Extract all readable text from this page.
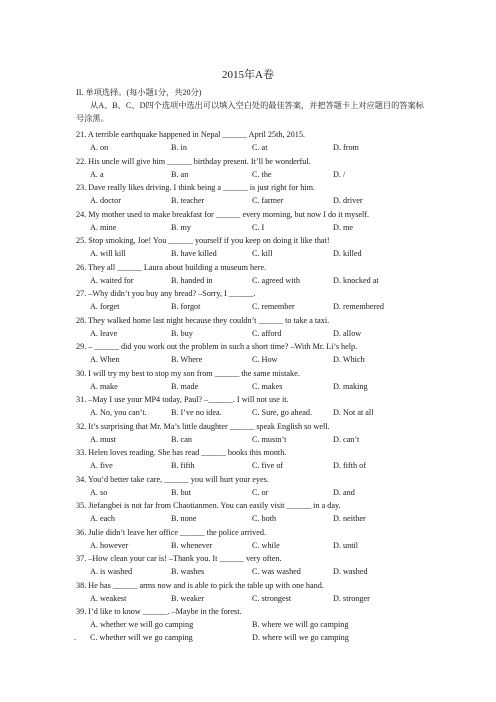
2015年A卷
II. 单项选择。(每小题1分，共20分)
从A、B、C、D四个选项中选出可以填入空白处的最佳答案，并把答题卡上对应题目的答案标号涂黑。
21. A terrible earthquake happened in Nepal ______ April 25th, 2015.
A. on	B. in	C. at	D. from
22. His uncle will give him ______ birthday present. It’ll be wonderful.
A. a	B. an	C. the	D. /
23. Dave really likes driving. I think being a ______ is just right for him.
A. doctor	B. teacher	C. farmer	D. driver
24. My mother used to make breakfast for ______ every morning, but now I do it myself.
A. mine	B. my	C. I	D. me
25. Stop smoking, Joe! You ______ yourself if you keep on doing it like that!
A. will kill	B. have killed	C. kill	D. killed
26. They all ______ Laura about building a museum here.
A. waited for	B. handed in	C. agreed with	D. knocked at
27. –Why didn’t you buy any bread? –Sorry, I ______.
A. forget	B. forgot	C. remember	D. remembered
28. They walked home last night because they couldn’t ______ to take a taxi.
A. leave	B. buy	C. afford	D. allow
29. – ______ did you work out the problem in such a short time? –With Mr. Li’s help.
A. When	B. Where	C. How	D. Which
30. I will try my best to stop my son from ______ the same mistake.
A. make	B. made	C. makes	D. making
31. –May I use your MP4 today, Paul? –______. I will not use it.
A. No, you can’t.	B. I’ve no idea.	C. Sure, go ahead.	D. Not at all
32. It’s surprising that Mr. Ma’s little daughter ______ speak English so well.
A. must	B. can	C. mustn’t	D. can’t
33. Helen loves reading. She has read ______ books this month.
A. five	B. fifth	C. five of	D. fifth of
34. You’d better take care, ______ you will hurt your eyes.
A. so	B. but	C. or	D. and
35. Jiefangbei is not far from Chaotianmen. You can easily visit ______ in a day.
A. each	B. none	C. both	D. neither
36. Julie didn’t leave her office ______ the police arrived.
A. however	B. whenever	C. while	D. until
37. –How clean your car is! –Thank you. It ______ very often.
A. is washed	B. washes	C. was washed	D. washed
38. He has ______ arms now and is able to pick the table up with one hand.
A. weakest	B. weaker	C. strongest	D. stronger
39. I’d like to know ______. –Maybe in the forest.
A. whether we will go camping	B. where we will go camping
. C. whether will we go camping	D. where will we go camping
